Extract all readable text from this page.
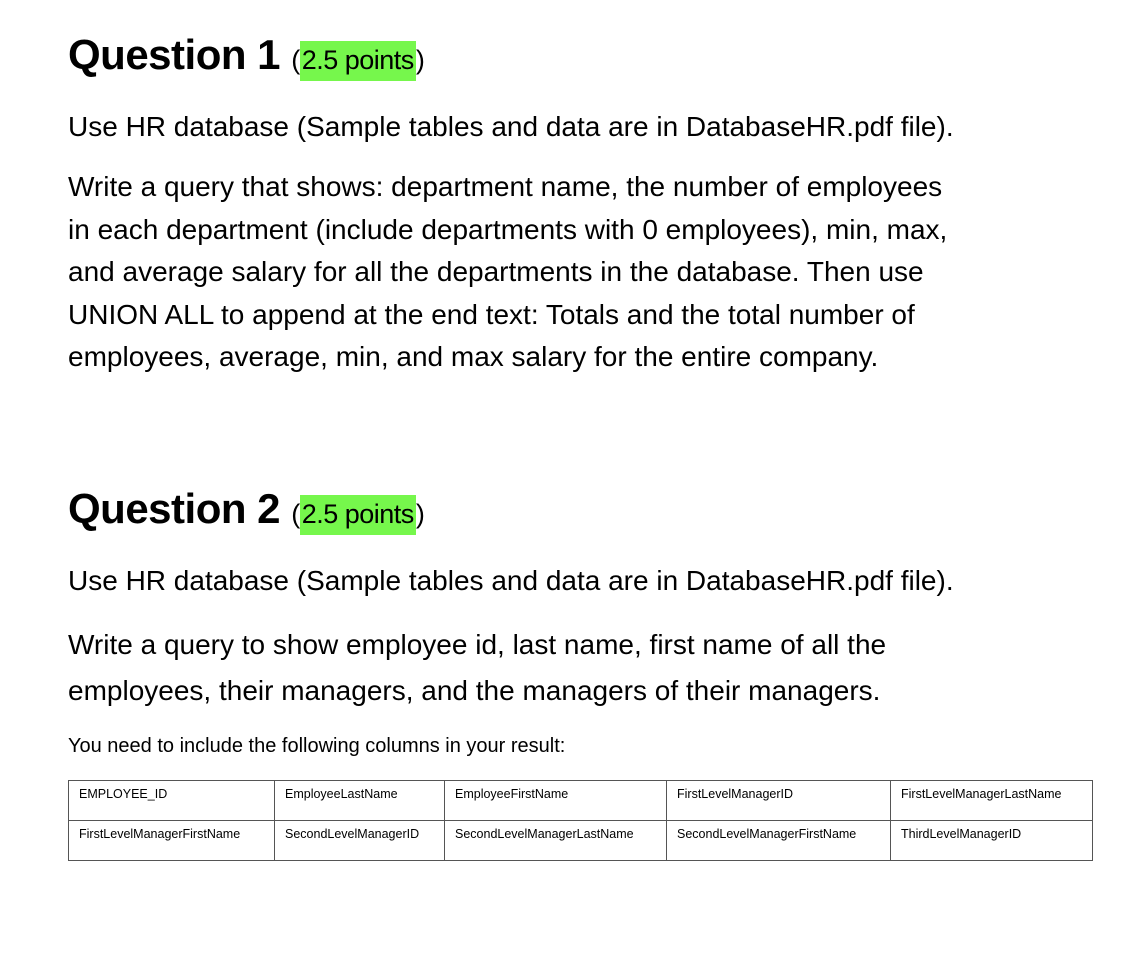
Question 1 (2.5 points)
Use HR database (Sample tables and data are in DatabaseHR.pdf file).
Write a query that shows: department name, the number of employees
in each department (include departments with 0 employees), min, max,
and average salary for all the departments in the database. Then use
UNION ALL to append at the end text: Totals and the total number of
employees, average, min, and max salary for the entire company.
Question 2 (2.5 points)
Use HR database (Sample tables and data are in DatabaseHR.pdf file).
Write a query to show employee id, last name, first name of all the
employees, their managers, and the managers of their managers.
You need to include the following columns in your result:
EMPLOYEE_ID	EmployeeLastName	EmployeeFirstName	FirstLevelManagerID	FirstLevelManagerLastName
FirstLevelManagerFirstName	SecondLevelManagerID	SecondLevelManagerLastName	SecondLevelManagerFirstName	ThirdLevelManagerID
